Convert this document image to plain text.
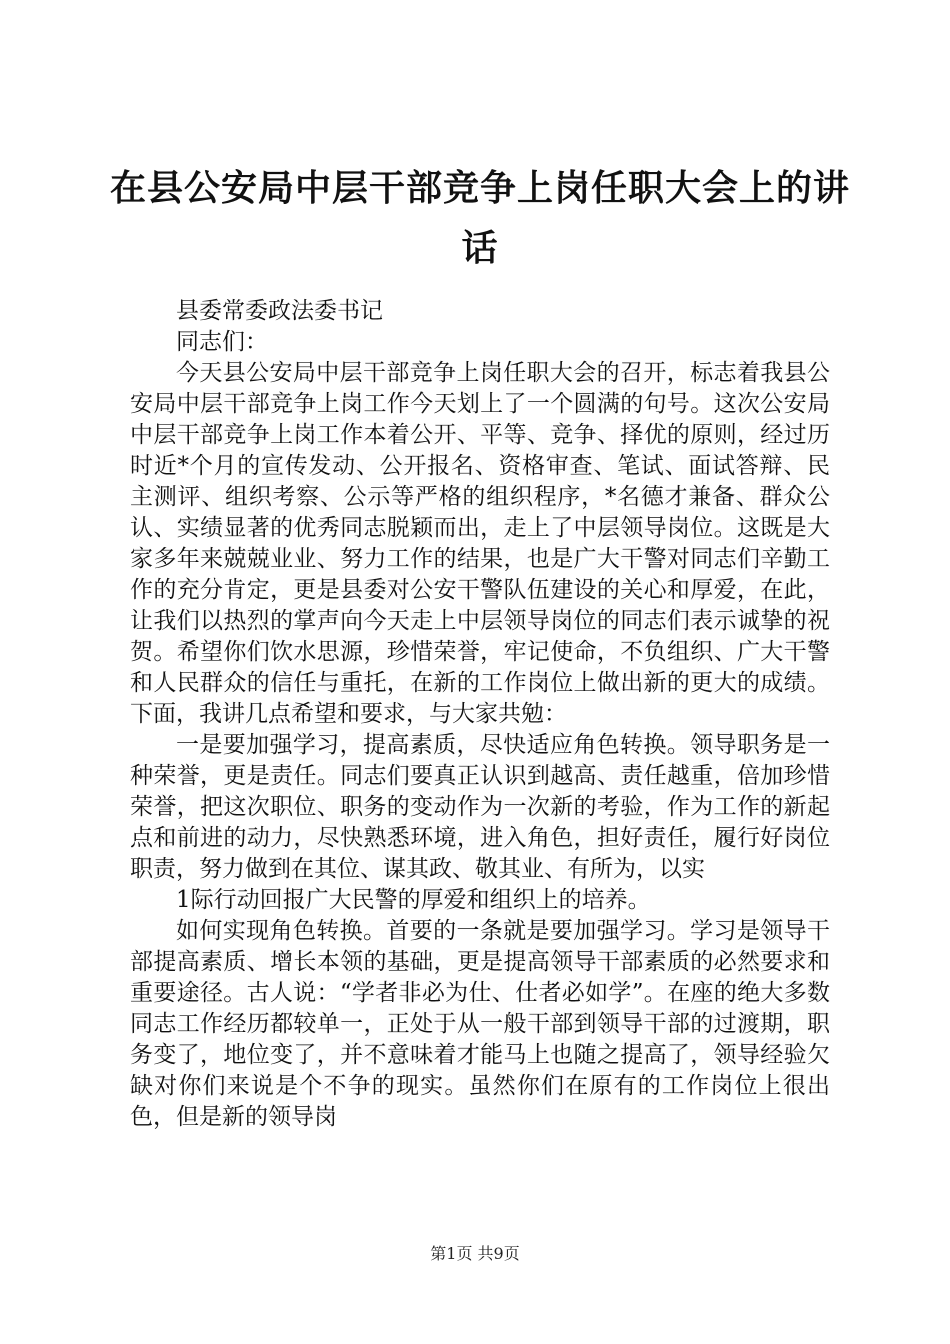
在县公安局中层干部竞争上岗任职大会上的讲话

县委常委政法委书记

同志们：

今天县公安局中层干部竞争上岗任职大会的召开，标志着我县公安局中层干部竞争上岗工作今天划上了一个圆满的句号。这次公安局中层干部竞争上岗工作本着公开、平等、竞争、择优的原则，经过历时近*个月的宣传发动、公开报名、资格审查、笔试、面试答辩、民主测评、组织考察、公示等严格的组织程序，*名德才兼备、群众公认、实绩显著的优秀同志脱颖而出，走上了中层领导岗位。这既是大家多年来兢兢业业、努力工作的结果，也是广大干警对同志们辛勤工作的充分肯定，更是县委对公安干警队伍建设的关心和厚爱，在此，让我们以热烈的掌声向今天走上中层领导岗位的同志们表示诚挚的祝贺。希望你们饮水思源，珍惜荣誉，牢记使命，不负组织、广大干警和人民群众的信任与重托，在新的工作岗位上做出新的更大的成绩。下面，我讲几点希望和要求，与大家共勉：

一是要加强学习，提高素质，尽快适应角色转换。领导职务是一种荣誉，更是责任。同志们要真正认识到越高、责任越重，倍加珍惜荣誉，把这次职位、职务的变动作为一次新的考验，作为工作的新起点和前进的动力，尽快熟悉环境，进入角色，担好责任，履行好岗位职责，努力做到在其位、谋其政、敬其业、有所为，以实

1际行动回报广大民警的厚爱和组织上的培养。

如何实现角色转换。首要的一条就是要加强学习。学习是领导干部提高素质、增长本领的基础，更是提高领导干部素质的必然要求和重要途径。古人说：“学者非必为仕、仕者必如学”。在座的绝大多数同志工作经历都较单一，正处于从一般干部到领导干部的过渡期，职务变了，地位变了，并不意味着才能马上也随之提高了，领导经验欠缺对你们来说是个不争的现实。虽然你们在原有的工作岗位上很出色，但是新的领导岗

第1页 共9页
